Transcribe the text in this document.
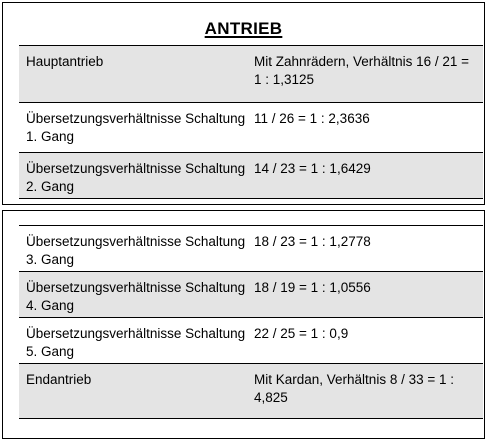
ANTRIEB
Hauptantrieb	Mit Zahnrädern, Verhältnis 16 / 21 = 1 : 1,3125
Übersetzungsverhältnisse Schaltung 1. Gang
11 / 26 = 1 : 2,3636
Übersetzungsverhältnisse Schaltung 2. Gang
14 / 23 = 1 : 1,6429
Übersetzungsverhältnisse Schaltung 3. Gang
18 / 23 = 1 : 1,2778
Übersetzungsverhältnisse Schaltung 4. Gang
18 / 19 = 1 : 1,0556
Übersetzungsverhältnisse Schaltung 5. Gang
22 / 25 = 1 : 0,9
Endantrieb	Mit Kardan, Verhältnis 8 / 33 = 1 : 4,825
